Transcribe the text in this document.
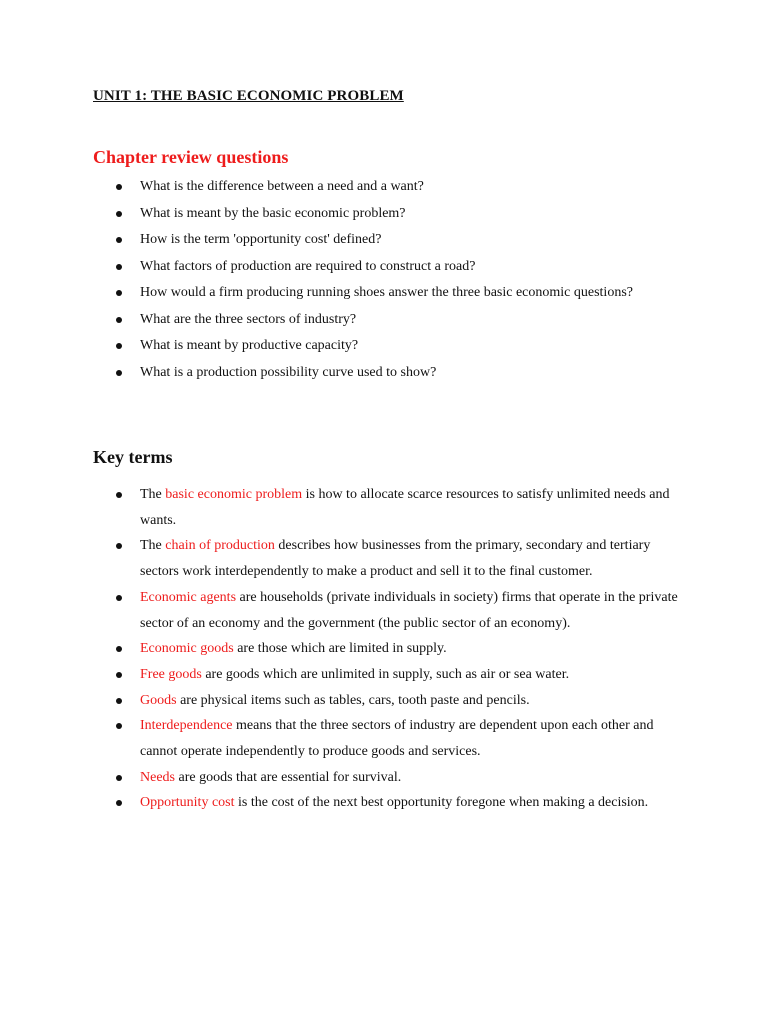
UNIT 1: THE BASIC ECONOMIC PROBLEM
Chapter review questions
What is the difference between a need and a want?
What is meant by the basic economic problem?
How is the term 'opportunity cost' defined?
What factors of production are required to construct a road?
How would a firm producing running shoes answer the three basic economic questions?
What are the three sectors of industry?
What is meant by productive capacity?
What is a production possibility curve used to show?
Key terms
The basic economic problem is how to allocate scarce resources to satisfy unlimited needs and wants.
The chain of production describes how businesses from the primary, secondary and tertiary sectors work interdependently to make a product and sell it to the final customer.
Economic agents are households (private individuals in society) firms that operate in the private sector of an economy and the government (the public sector of an economy).
Economic goods are those which are limited in supply.
Free goods are goods which are unlimited in supply, such as air or sea water.
Goods are physical items such as tables, cars, tooth paste and pencils.
Interdependence means that the three sectors of industry are dependent upon each other and cannot operate independently to produce goods and services.
Needs are goods that are essential for survival.
Opportunity cost is the cost of the next best opportunity foregone when making a decision.
